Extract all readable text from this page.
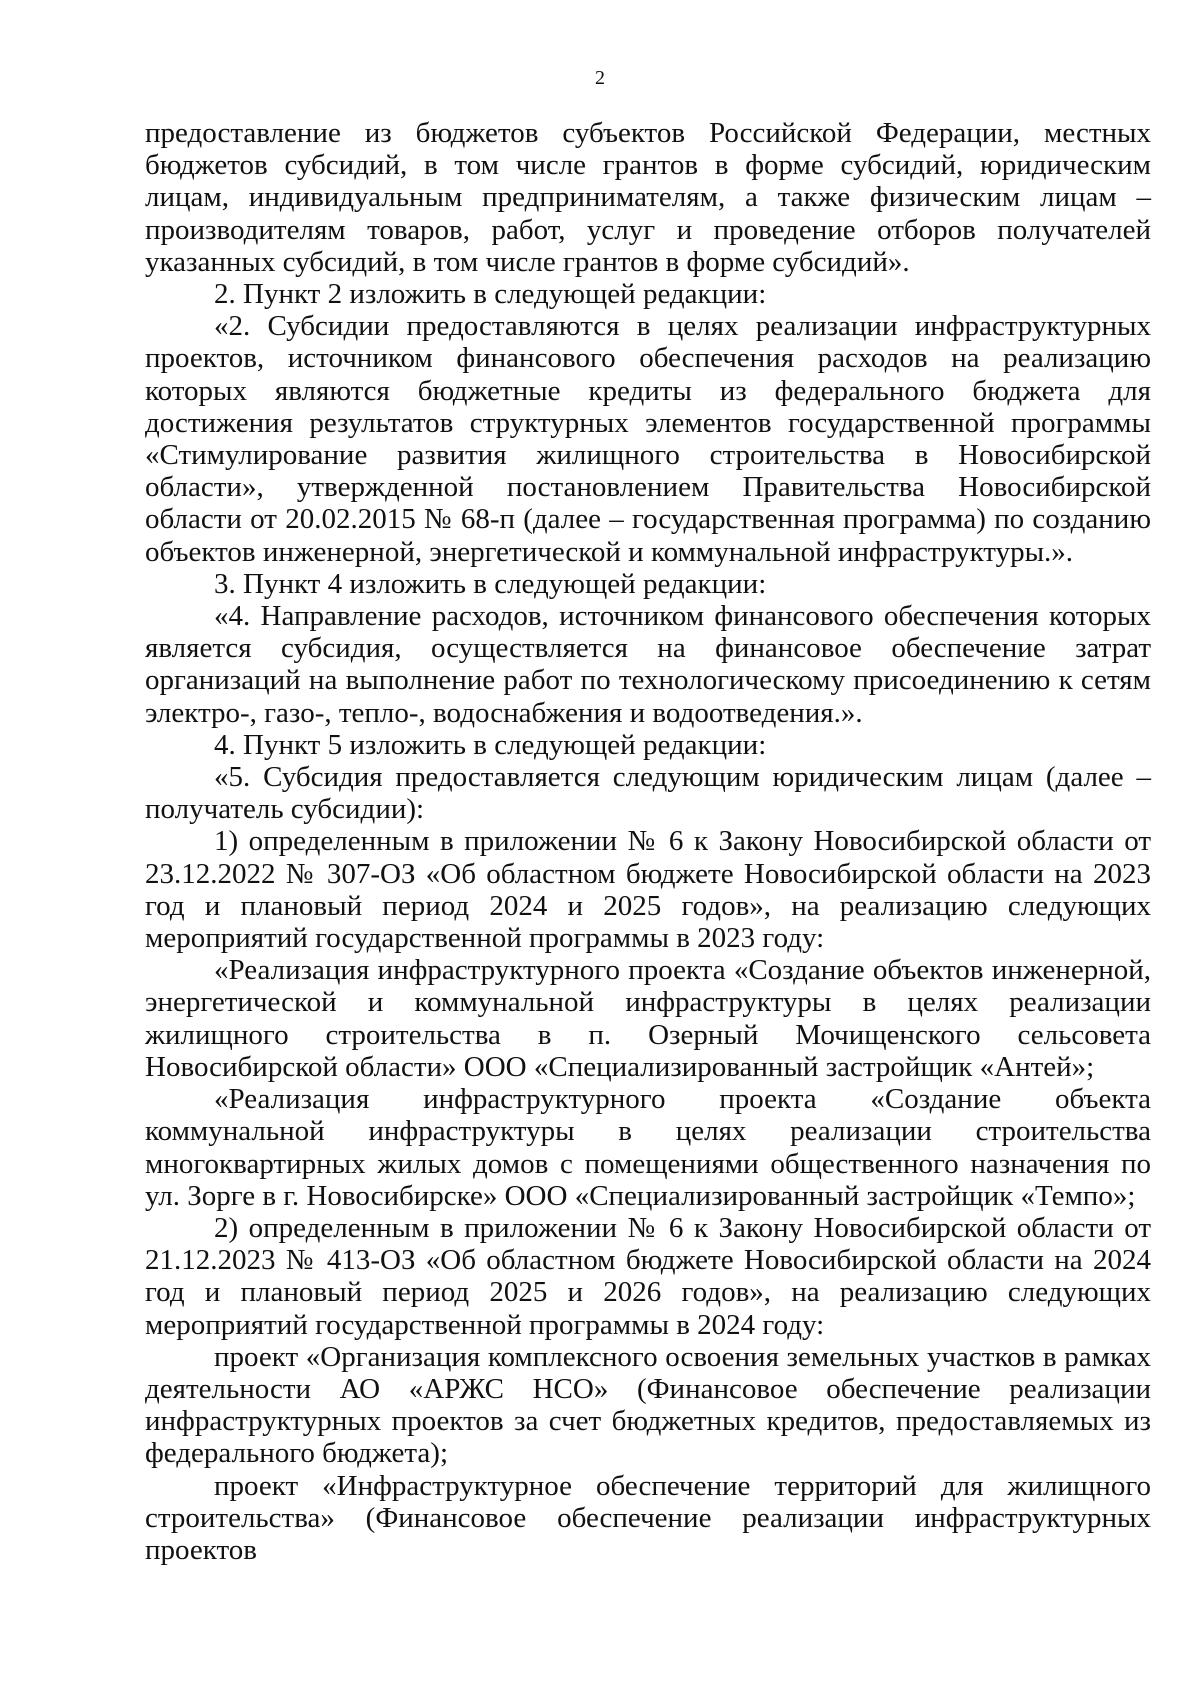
2

предоставление из бюджетов субъектов Российской Федерации, местных бюджетов субсидий, в том числе грантов в форме субсидий, юридическим лицам, индивидуальным предпринимателям, а также физическим лицам – производителям товаров, работ, услуг и проведение отборов получателей указанных субсидий, в том числе грантов в форме субсидий».

2. Пункт 2 изложить в следующей редакции:

«2. Субсидии предоставляются в целях реализации инфраструктурных проектов, источником финансового обеспечения расходов на реализацию которых являются бюджетные кредиты из федерального бюджета для достижения результатов структурных элементов государственной программы «Стимулирование развития жилищного строительства в Новосибирской области», утвержденной постановлением Правительства Новосибирской области от 20.02.2015 № 68-п (далее – государственная программа) по созданию объектов инженерной, энергетической и коммунальной инфраструктуры.».

3. Пункт 4 изложить в следующей редакции:

«4. Направление расходов, источником финансового обеспечения которых является субсидия, осуществляется на финансовое обеспечение затрат организаций на выполнение работ по технологическому присоединению к сетям электро-, газо-, тепло-, водоснабжения и водоотведения.».

4. Пункт 5 изложить в следующей редакции:

«5. Субсидия предоставляется следующим юридическим лицам (далее – получатель субсидии):

1) определенным в приложении № 6 к Закону Новосибирской области от 23.12.2022 № 307-ОЗ «Об областном бюджете Новосибирской области на 2023 год и плановый период 2024 и 2025 годов», на реализацию следующих мероприятий государственной программы в 2023 году:

«Реализация инфраструктурного проекта «Создание объектов инженерной, энергетической и коммунальной инфраструктуры в целях реализации жилищного строительства в п. Озерный Мочищенского сельсовета Новосибирской области» ООО «Специализированный застройщик «Антей»;

«Реализация инфраструктурного проекта «Создание объекта коммунальной инфраструктуры в целях реализации строительства многоквартирных жилых домов с помещениями общественного назначения по ул. Зорге в г. Новосибирске» ООО «Специализированный застройщик «Темпо»;

2) определенным в приложении № 6 к Закону Новосибирской области от 21.12.2023 № 413-ОЗ «Об областном бюджете Новосибирской области на 2024 год и плановый период 2025 и 2026 годов», на реализацию следующих мероприятий государственной программы в 2024 году:

проект «Организация комплексного освоения земельных участков в рамках деятельности АО «АРЖС НСО» (Финансовое обеспечение реализации инфраструктурных проектов за счет бюджетных кредитов, предоставляемых из федерального бюджета);

проект «Инфраструктурное обеспечение территорий для жилищного строительства» (Финансовое обеспечение реализации инфраструктурных проектов
